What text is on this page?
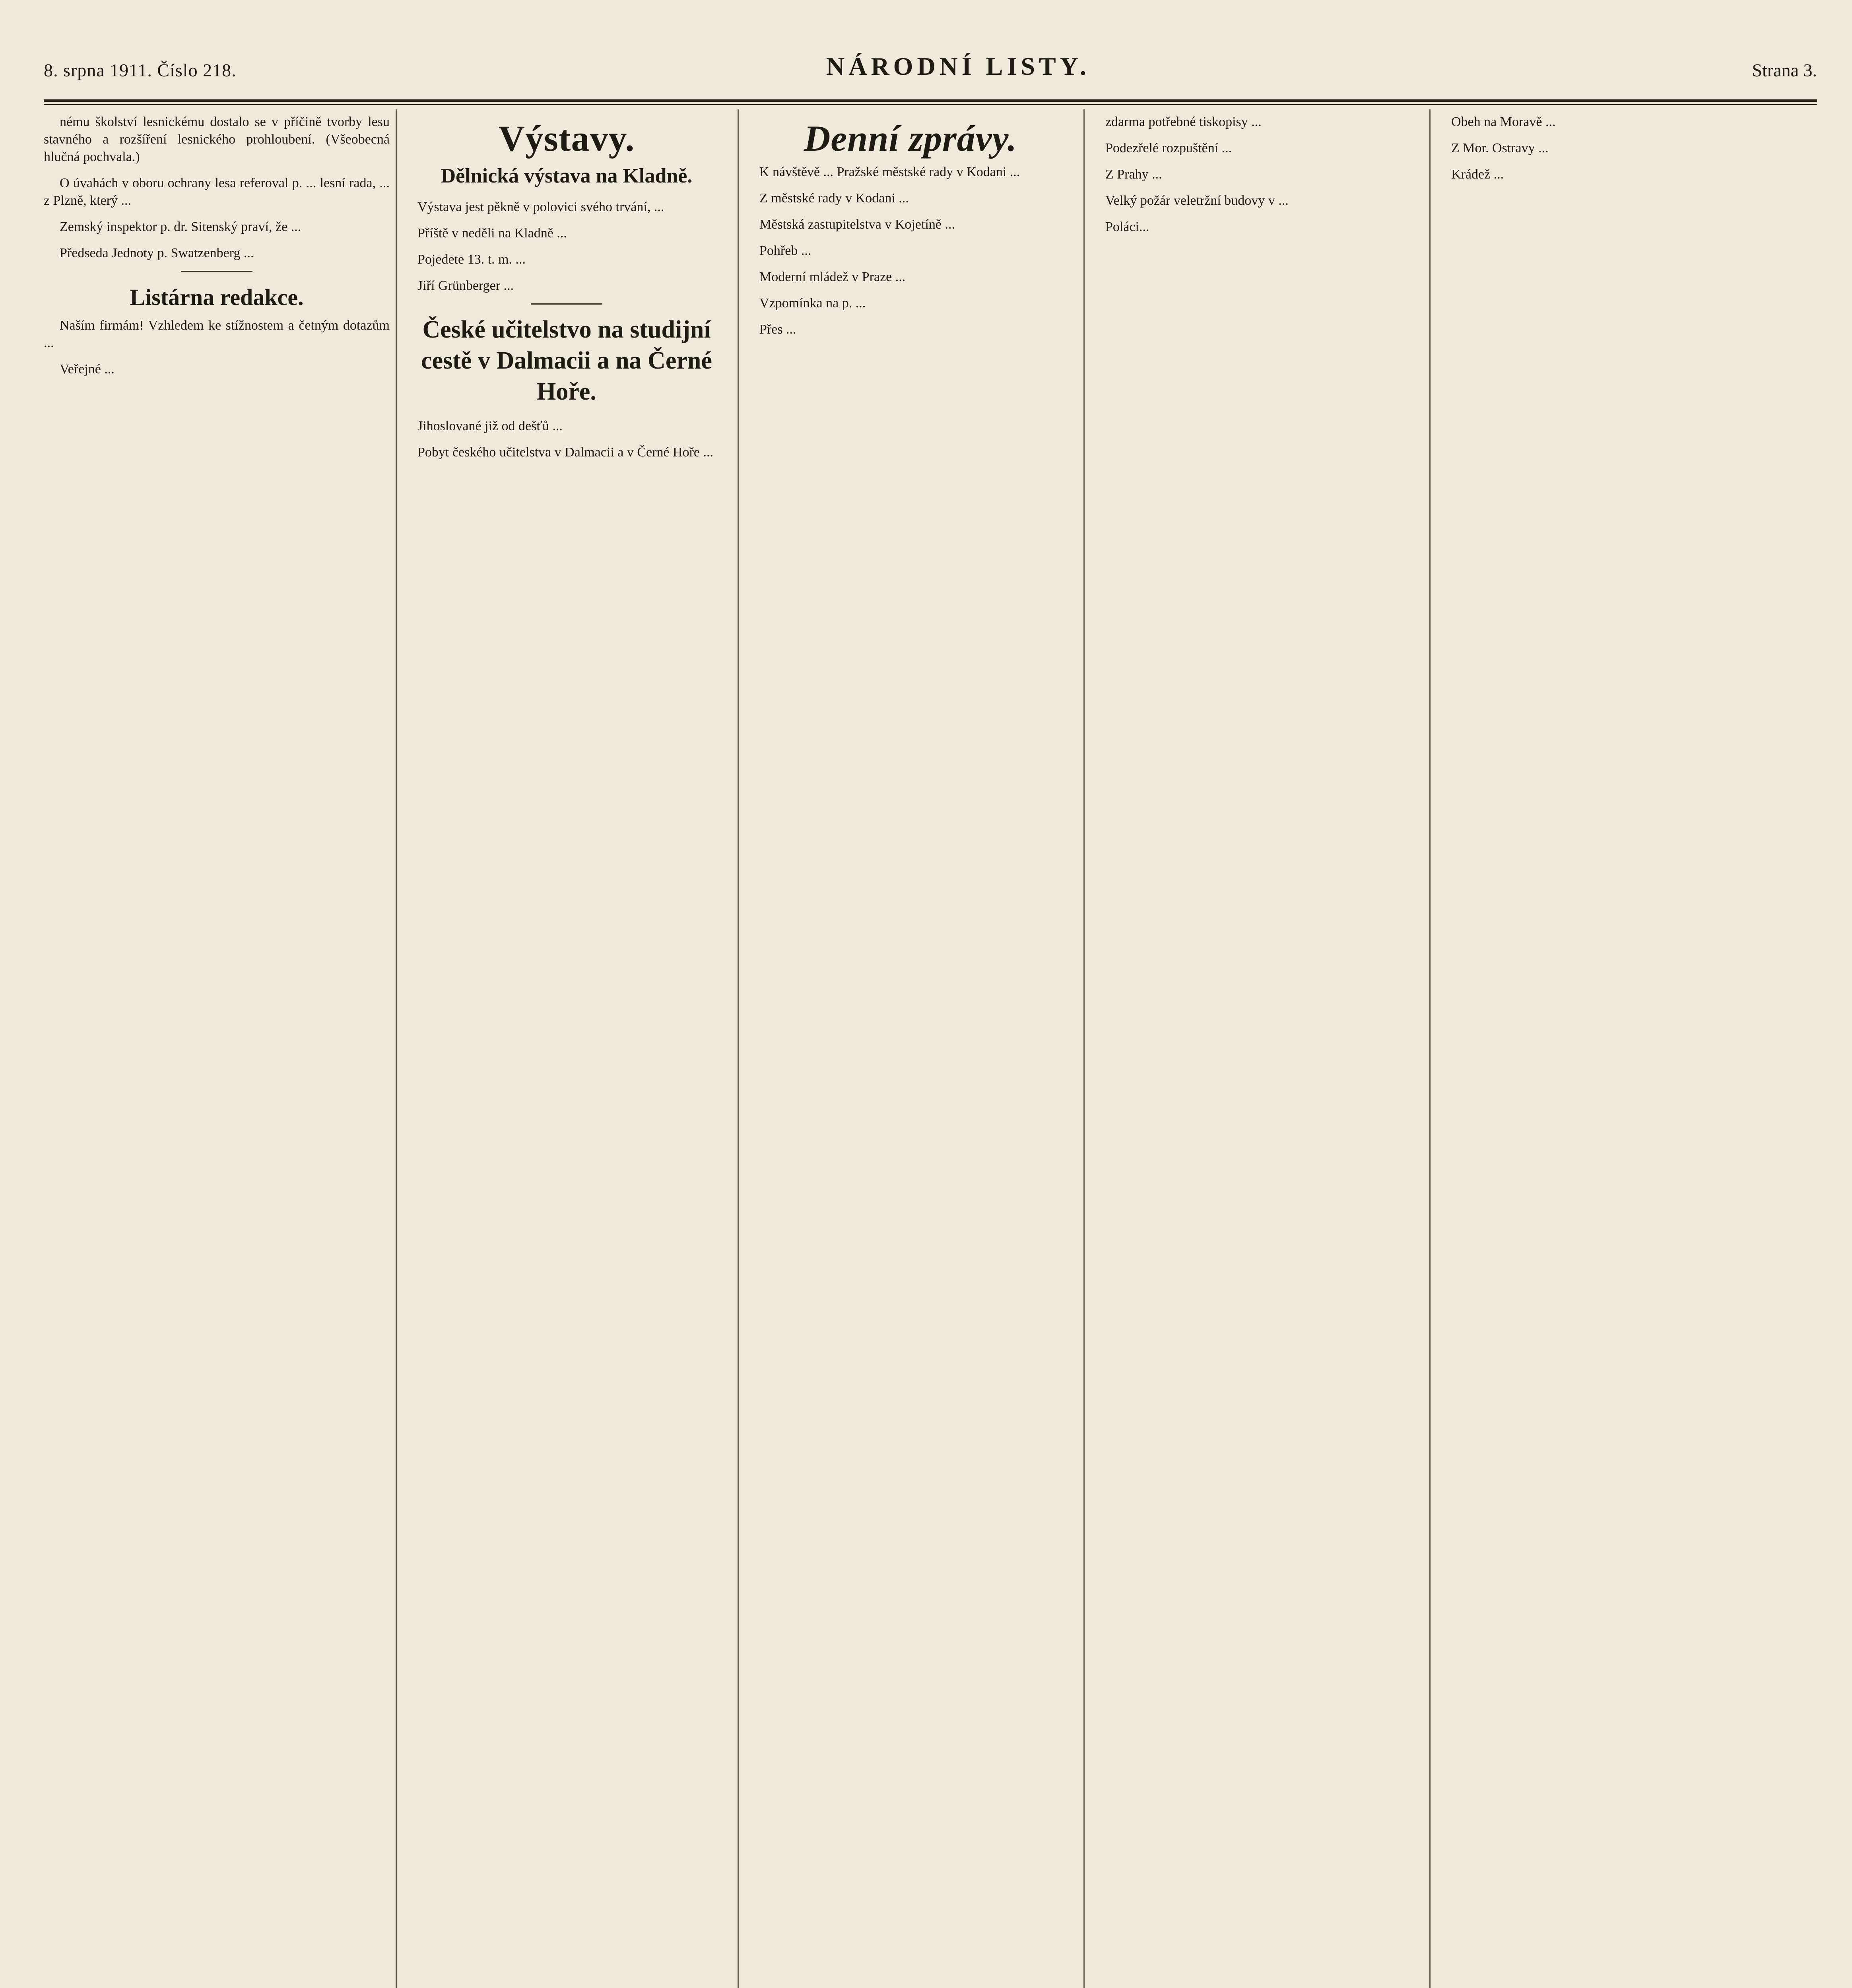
8. srpna 1911. Číslo 218.	NÁRODNÍ LISTY.	Strana 3.

nému školství lesnickému dostalo se v příčině tvorby lesu stavného a rozšíření lesnického prohloubení. (Všeobecná hlučná pochvala.)

O úvahách v oboru ochrany lesa referoval p. ... lesní rada, ... z Plzně, který ...

Zemský inspektor p. dr. Sitenský praví, že ...

Předseda Jednoty p. Swatzenberg ...

Listárna redakce.

Naším firmám! Vzhledem ke stížnostem a četným dotazům ...

Veřejné ...

Výstavy.
Dělnická výstava na Kladně.

Výstava jest pěkně v polovici svého trvání, ...

Příště v neděli na Kladně ...

Pojedete 13. t. m. ...

Jiří Grünberger ...

České učitelstvo na studijní cestě v Dalmacii a na Černé Hoře.

Jihoslované již od dešťů ...

Pobyt českého učitelstva v Dalmacii a v Černé Hoře ...

Denní zprávy.

K návštěvě ... Pražské městské rady v Kodani ...

Z městské rady v Kodani ...

Městská zastupitelstva v Kojetíně ...

Pohřeb ...

Moderní mládež v Praze ...

Vzpomínka na p. ...

Přes ...

zdarma potřebné tiskopisy ...

Podezřelé rozpuštění ...

Z Prahy ...

Velký požár veletržní budovy v ...

Poláci...

Obeh na Moravě ...

Z Mor. Ostravy ...

Krádež ...
